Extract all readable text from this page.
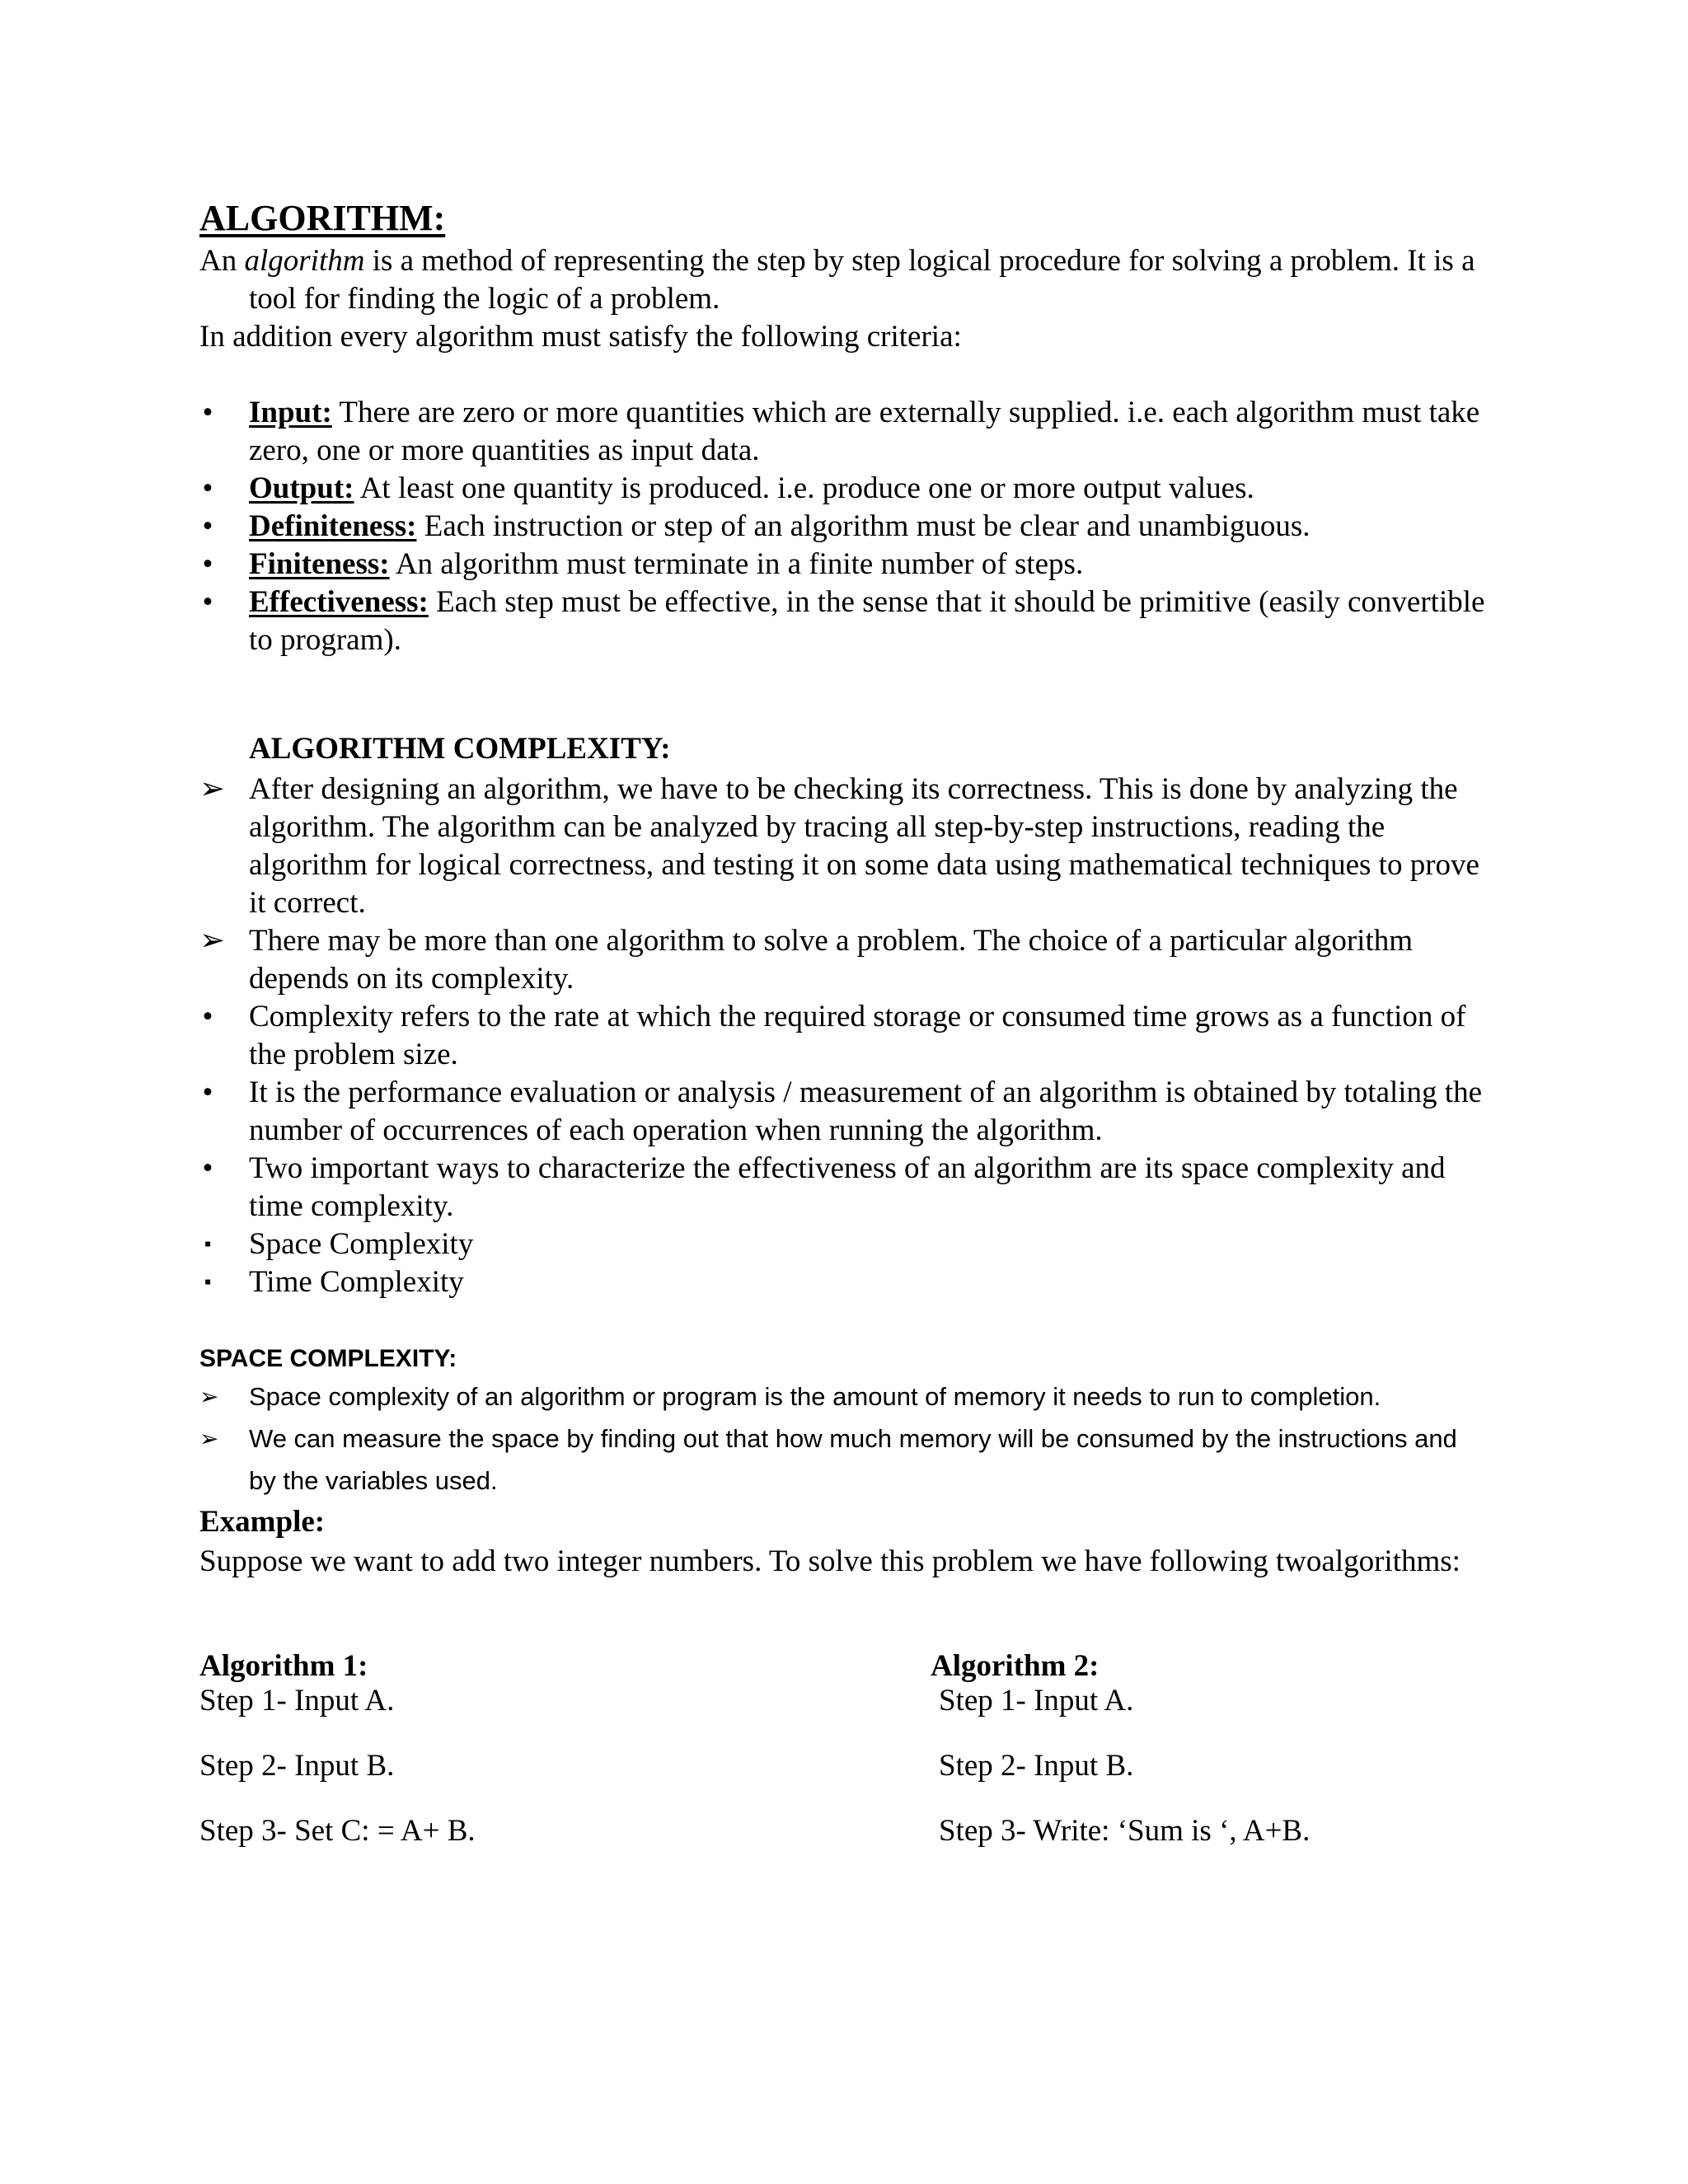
ALGORITHM:
An algorithm is a method of representing the step by step logical procedure for solving a problem. It is a tool for finding the logic of a problem.
In addition every algorithm must satisfy the following criteria:
• Input: There are zero or more quantities which are externally supplied. i.e. each algorithm must take zero, one or more quantities as input data.
• Output: At least one quantity is produced. i.e. produce one or more output values.
• Definiteness: Each instruction or step of an algorithm must be clear and unambiguous.
• Finiteness: An algorithm must terminate in a finite number of steps.
• Effectiveness: Each step must be effective, in the sense that it should be primitive (easily convertible to program).
ALGORITHM COMPLEXITY:
➢ After designing an algorithm, we have to be checking its correctness. This is done by analyzing the algorithm. The algorithm can be analyzed by tracing all step-by-step instructions, reading the algorithm for logical correctness, and testing it on some data using mathematical techniques to prove it correct.
➢ There may be more than one algorithm to solve a problem. The choice of a particular algorithm depends on its complexity.
• Complexity refers to the rate at which the required storage or consumed time grows as a function of the problem size.
• It is the performance evaluation or analysis / measurement of an algorithm is obtained by totaling the number of occurrences of each operation when running the algorithm.
• Two important ways to characterize the effectiveness of an algorithm are its space complexity and time complexity.
▪ Space Complexity
▪ Time Complexity
SPACE COMPLEXITY:
➢ Space complexity of an algorithm or program is the amount of memory it needs to run to completion.
➢ We can measure the space by finding out that how much memory will be consumed by the instructions and by the variables used.
Example:
Suppose we want to add two integer numbers. To solve this problem we have following twoalgorithms:
Algorithm 1:
Step 1- Input A.
Step 2- Input B.
Step 3- Set C: = A+ B.
Algorithm 2:
Step 1- Input A.
Step 2- Input B.
Step 3- Write: ‘Sum is ‘, A+B.
